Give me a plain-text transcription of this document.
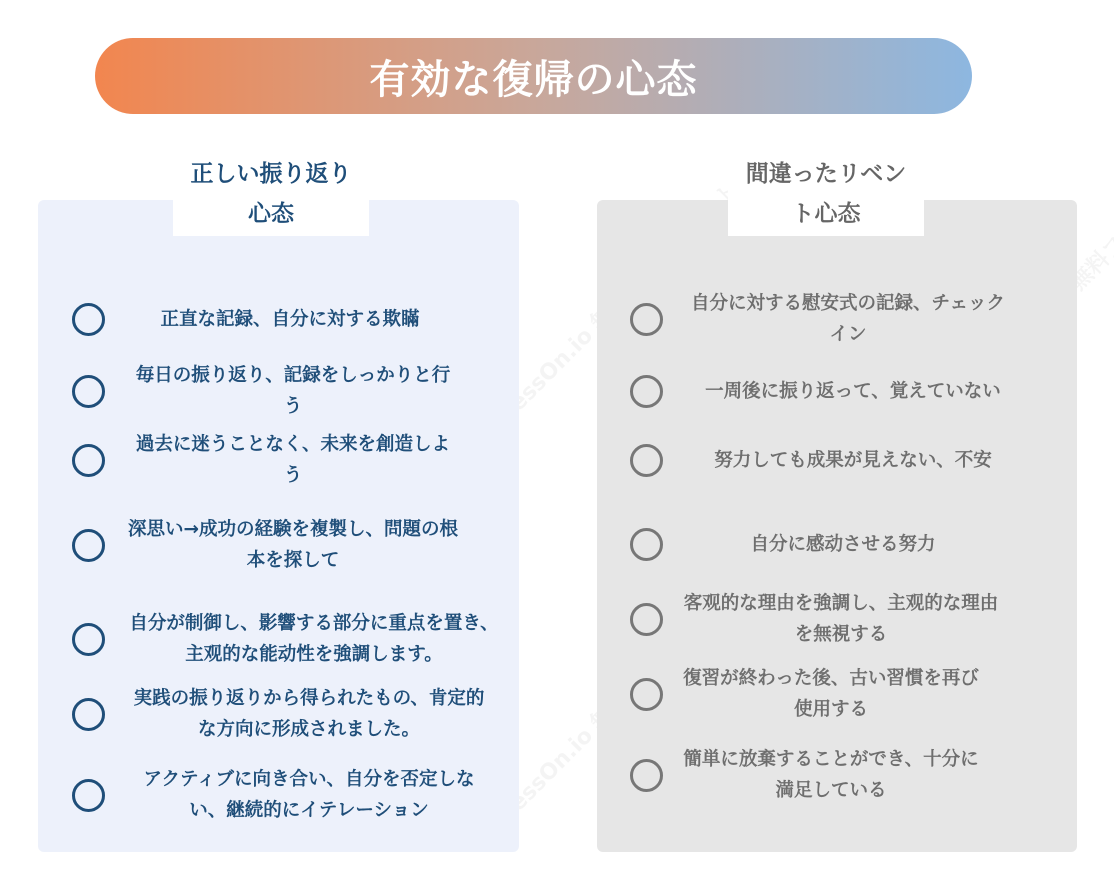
有効な復帰の心态
正しい振り返り心态
間違ったリベント心态
正直な記録、自分に対する欺瞞
毎日の振り返り、記録をしっかりと行う
過去に迷うことなく、未来を創造しよう
深思い→成功の経験を複製し、問題の根本を探して
自分が制御し、影響する部分に重点を置き、主观的な能动性を強調します。
実践の振り返りから得られたもの、肯定的な方向に形成されました。
アクティブに向き合い、自分を否定しない、継続的にイテレーション
自分に対する慰安式の記録、チェックイン
一周後に振り返って、覚えていない
努力しても成果が見えない、不安
自分に感动させる努力
客观的な理由を強調し、主观的な理由を無視する
復習が終わった後、古い習慣を再び使用する
簡単に放棄することができ、十分に満足している
